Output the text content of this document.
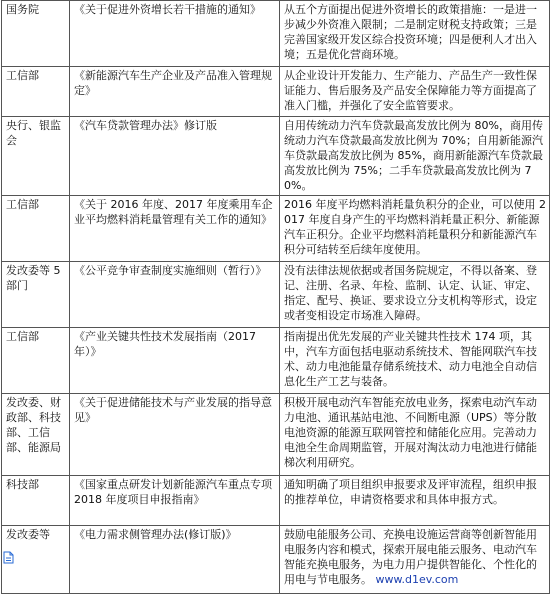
国务院	《关于促进外资增长若干措施的通知》	从五个方面提出促进外资增长的政策措施：一是进一步减少外资准入限制；二是制定财税支持政策；三是完善国家级开发区综合投资环境；四是便利人才出入境；五是优化营商环境。
工信部	《新能源汽车生产企业及产品准入管理规定》	从企业设计开发能力、生产能力、产品生产一致性保证能力、售后服务及产品安全保障能力等方面提高了准入门槛，并强化了安全监管要求。
央行、银监会	《汽车贷款管理办法》修订版	自用传统动力汽车贷款最高发放比例为 80%，商用传统动力汽车贷款最高发放比例为 70%；自用新能源汽车贷款最高发放比例为 85%，商用新能源汽车贷款最高发放比例为 75%；二手车贷款最高发放比例为 70%。
工信部	《关于 2016 年度、2017 年度乘用车企业平均燃料消耗量管理有关工作的通知》	2016 年度平均燃料消耗量负积分的企业，可以使用 2017 年度自身产生的平均燃料消耗量正积分、新能源汽车正积分。企业平均燃料消耗量积分和新能源汽车积分可结转至后续年度使用。
发改委等 5 部门	《公平竞争审查制度实施细则（暂行）》	没有法律法规依据或者国务院规定，不得以备案、登记、注册、名录、年检、监制、认定、认证、审定、指定、配号、换证、要求设立分支机构等形式，设定或者变相设定市场准入障碍。
工信部	《产业关键共性技术发展指南（2017 年）》	指南提出优先发展的产业关键共性技术 174 项，其中，汽车方面包括电驱动系统技术、智能网联汽车技术、动力电池能量存储系统技术、动力电池全自动信息化生产工艺与装备。
发改委、财政部、科技部、工信部、能源局	《关于促进储能技术与产业发展的指导意见》	积极开展电动汽车智能充放电业务，探索电动汽车动力电池、通讯基站电池、不间断电源（UPS）等分散电池资源的能源互联网管控和储能化应用。完善动力电池全生命周期监管，开展对淘汰动力电池进行储能梯次利用研究。
科技部	《国家重点研发计划新能源汽车重点专项 2018 年度项目申报指南》	通知明确了项目组织申报要求及评审流程，组织申报的推荐单位，申请资格要求和具体申报方式。
发改委等	《电力需求侧管理办法(修订版)》	鼓励电能服务公司、充换电设施运营商等创新智能用电服务内容和模式，探索开展电能云服务、电动汽车智能充换电服务，为电力用户提供智能化、个性化的用电与节电服务。 www.d1ev.com
